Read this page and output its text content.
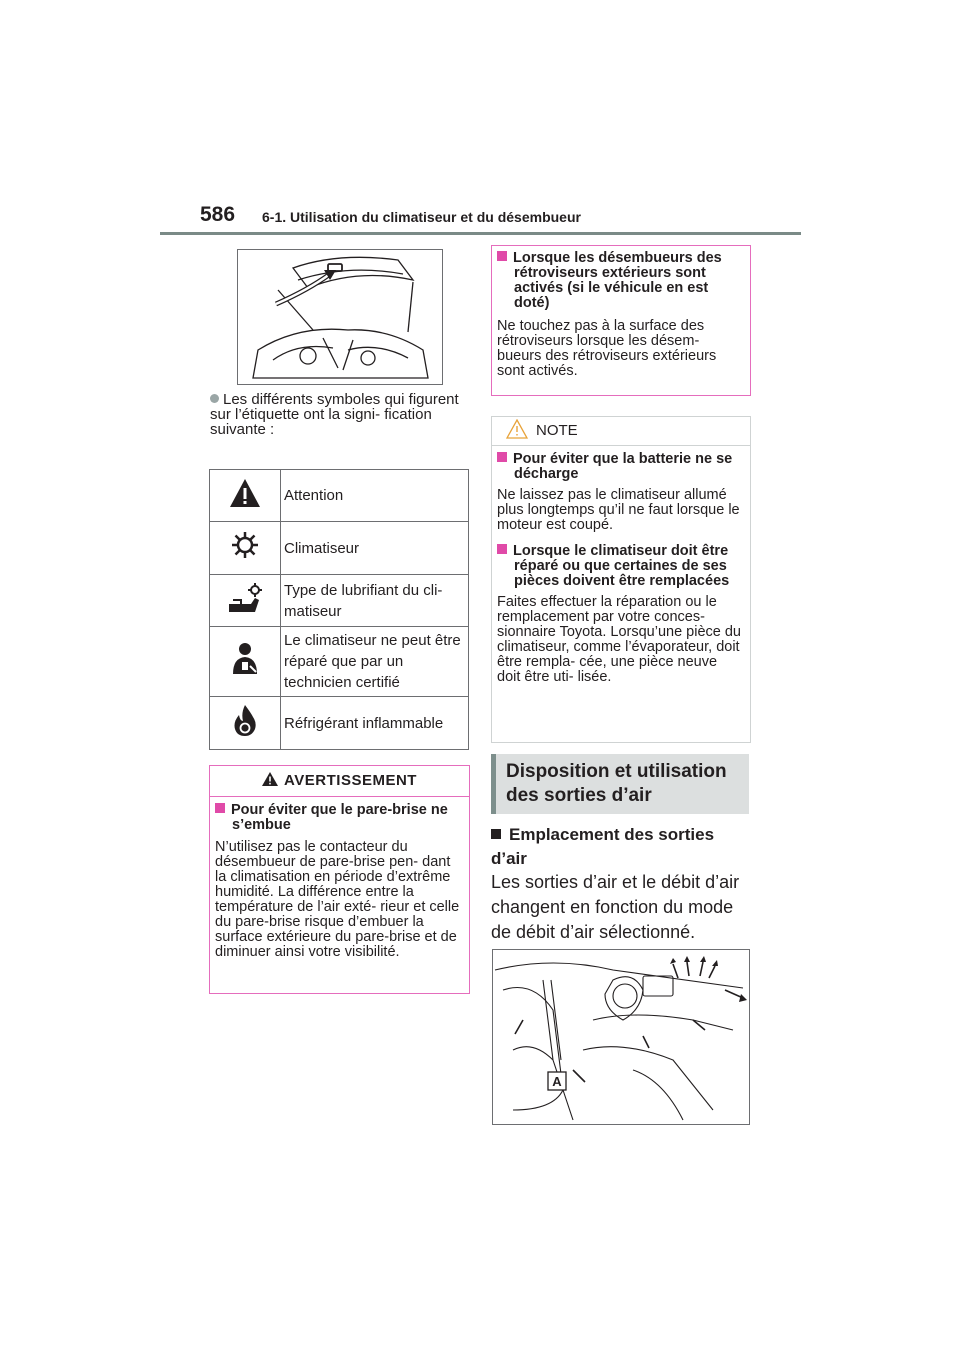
586 6-1. Utilisation du climatiseur et du désembueur
Les différents symboles qui figurent sur l’étiquette ont la signi- fication suivante :
	Attention
	Climatiseur
	Type de lubrifiant du cli- matiseur
	Le climatiseur ne peut être réparé que par un technicien certifié
	Réfrigérant inflammable
AVERTISSEMENT
Pour éviter que le pare-brise ne s’embue
N’utilisez pas le contacteur du désembueur de pare-brise pen- dant la climatisation en période d’extrême humidité. La différence entre la température de l’air exté- rieur et celle du pare-brise risque d’embuer la surface extérieure du pare-brise et de diminuer ainsi votre visibilité.
Lorsque les désembueurs des rétroviseurs extérieurs sont activés (si le véhicule en est doté)
Ne touchez pas à la surface des rétroviseurs lorsque les désem- bueurs des rétroviseurs extérieurs sont activés.
NOTE
Pour éviter que la batterie ne se décharge
Ne laissez pas le climatiseur allumé plus longtemps qu’il ne faut lorsque le moteur est coupé.
Lorsque le climatiseur doit être réparé ou que certaines de ses pièces doivent être remplacées
Faites effectuer la réparation ou le remplacement par votre conces- sionnaire Toyota. Lorsqu’une pièce du climatiseur, comme l’évaporateur, doit être rempla- cée, une pièce neuve doit être uti- lisée.
Disposition et utilisation des sorties d’air
Emplacement des sorties d’air
Les sorties d’air et le débit d’air changent en fonction du mode de débit d’air sélectionné.
A
